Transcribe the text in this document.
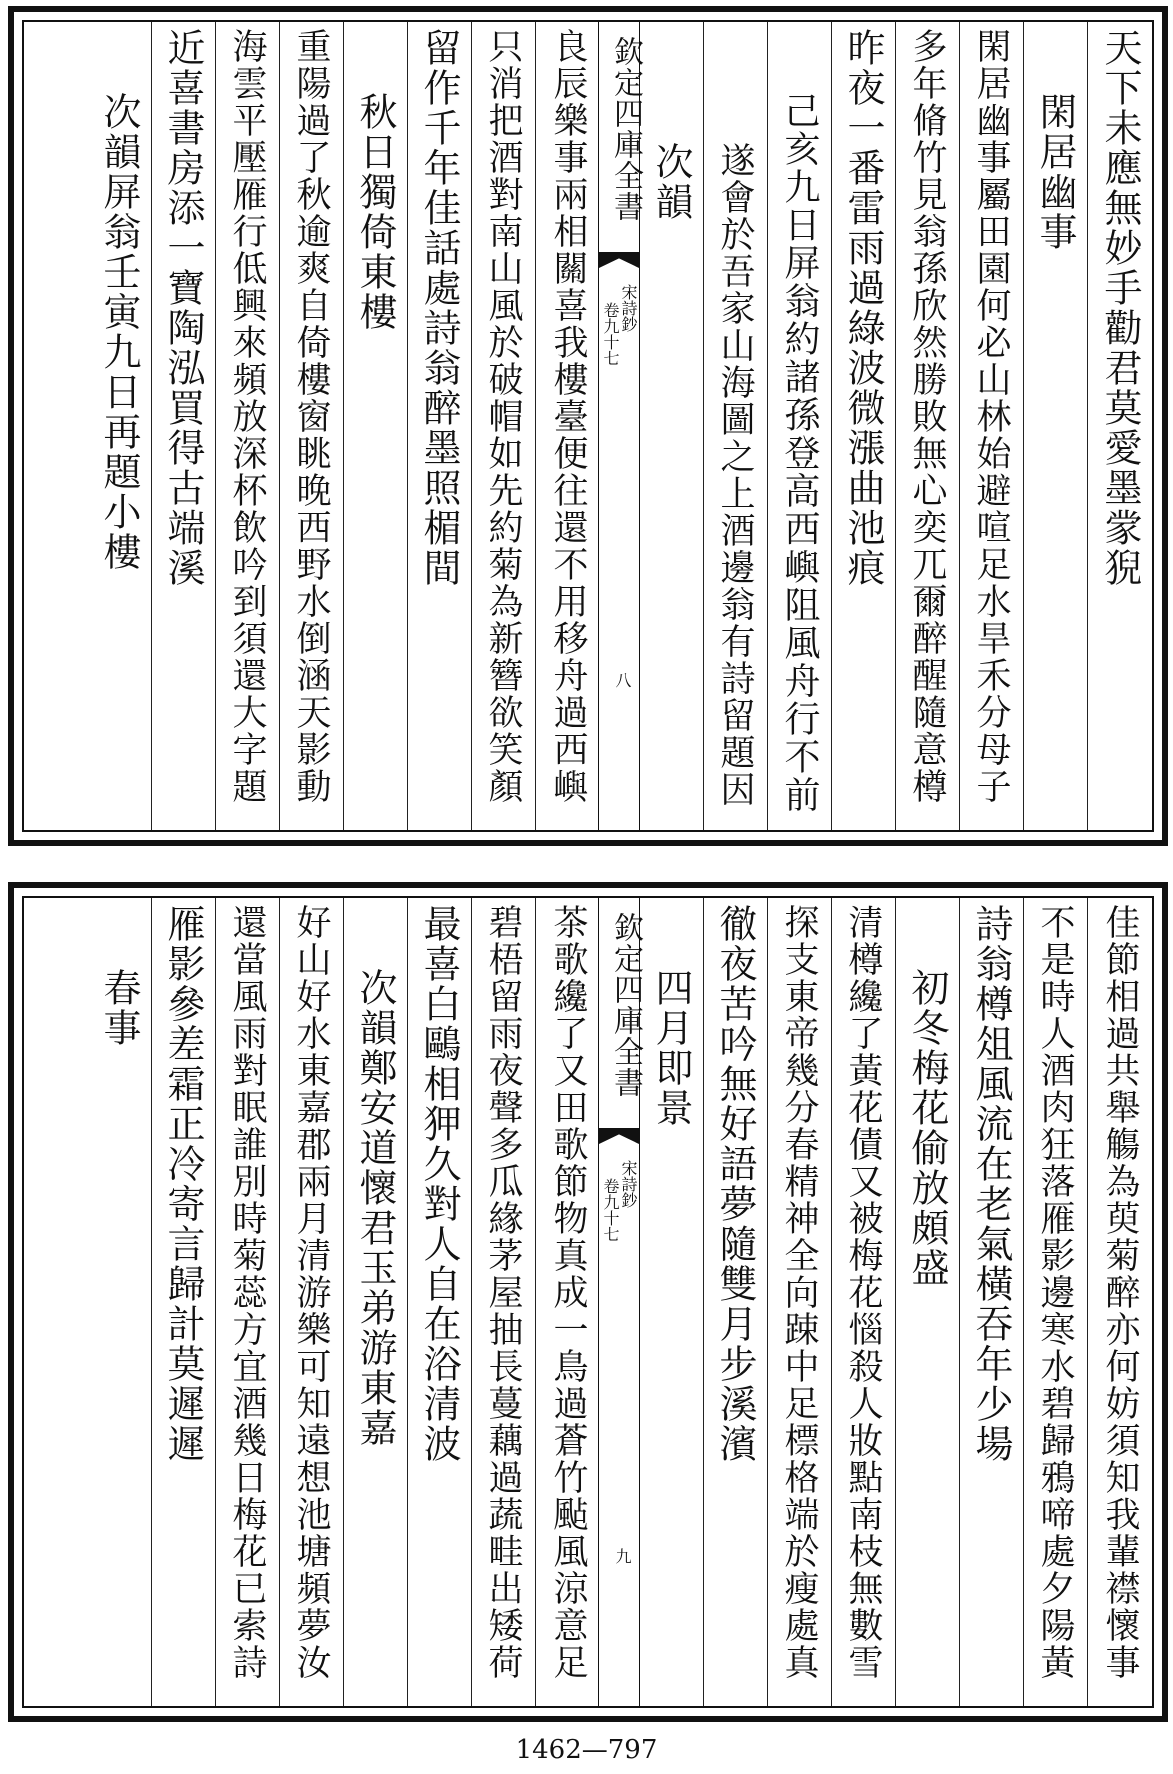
天下未應無妙手勸君莫愛墨䝉猊
閑居幽事
閑居幽事屬田園何必山林始避喧足水旱禾分母子
多年脩竹見翁孫欣然勝敗無心奕兀爾醉醒隨意樽
昨夜一番雷雨過綠波微漲曲池痕
己亥九日屏翁約諸孫登高西嶼阻風舟行不前
遂會於吾家山海圖之上酒邊翁有詩留題因
次韻
欽定四庫全書
宋詩鈔
卷九十七
八
良辰樂事兩相關喜我樓臺便往還不用移舟過西嶼
只消把酒對南山風於破帽如先約菊為新簪欲笑顏
留作千年佳話處詩翁醉墨照楣間
秋日獨倚東樓
重陽過了秋逾爽自倚樓窗眺晚西野水倒涵天影動
海雲平壓雁行低興來頻放深杯飲吟到須還大字題
近喜書房添一寶陶泓買得古端溪
次韻屏翁壬寅九日再題小樓
佳節相過共舉觴為萸菊醉亦何妨須知我輩襟懷事
不是時人酒肉狂落雁影邊寒水碧歸鴉啼處夕陽黃
詩翁樽俎風流在老氣橫吞年少場
初冬梅花偷放頗盛
清樽纔了黃花債又被梅花惱殺人妝點南枝無數雪
探支東帝幾分春精神全向踈中足標格端於瘦處真
徹夜苦吟無好語夢隨雙月步溪濱
四月即景
欽定四庫全書
宋詩鈔
卷九十七
九
茶歌纔了又田歌節物真成一鳥過蒼竹颭風涼意足
碧梧留雨夜聲多瓜緣茅屋抽長蔓藕過蔬畦出矮荷
最喜白鷗相狎久對人自在浴清波
次韻鄭安道懷君玉弟游東嘉
好山好水東嘉郡兩月清游樂可知遠想池塘頻夢汝
還當風雨對眠誰別時菊蕊方宜酒幾日梅花已索詩
雁影參差霜正冷寄言歸計莫遲遲
春事
1462—797
